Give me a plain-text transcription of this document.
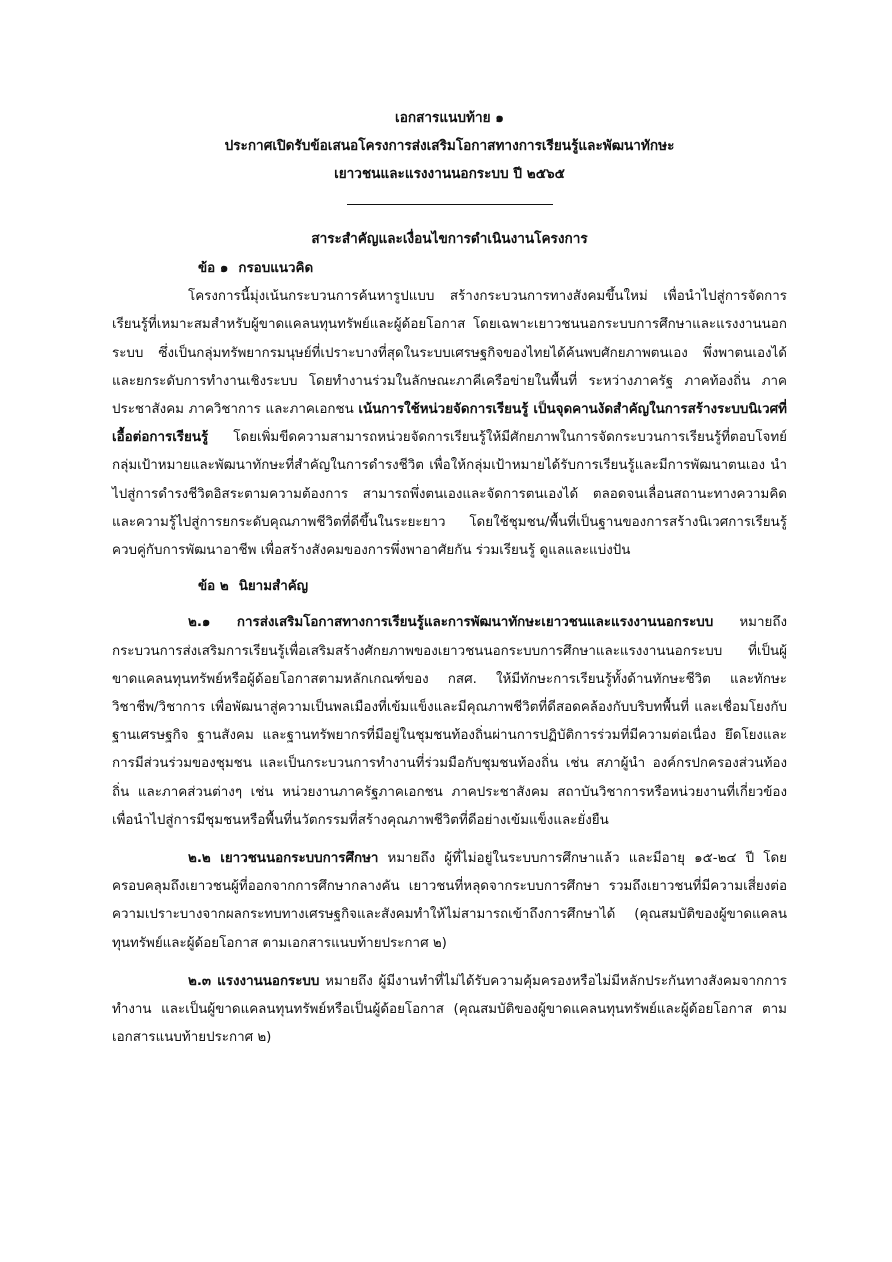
เอกสารแนบท้าย ๑
ประกาศเปิดรับข้อเสนอโครงการส่งเสริมโอกาสทางการเรียนรู้และพัฒนาทักษะ
เยาวชนและแรงงานนอกระบบ ปี ๒๕๖๕
สาระสำคัญและเงื่อนไขการดำเนินงานโครงการ
ข้อ ๑ กรอบแนวคิด

โครงการนี้มุ่งเน้นกระบวนการค้นหารูปแบบ สร้างกระบวนการทางสังคมขึ้นใหม่ เพื่อนำไปสู่การจัดการเรียนรู้ที่เหมาะสมสำหรับผู้ขาดแคลนทุนทรัพย์และผู้ด้อยโอกาส โดยเฉพาะเยาวชนนอกระบบการศึกษาและแรงงานนอกระบบ ซึ่งเป็นกลุ่มทรัพยากรมนุษย์ที่เปราะบางที่สุดในระบบเศรษฐกิจของไทยได้ค้นพบศักยภาพตนเอง พึ่งพาตนเองได้ และยกระดับการทำงานเชิงระบบ โดยทำงานร่วมในลักษณะภาคีเครือข่ายในพื้นที่ ระหว่างภาครัฐ ภาคท้องถิ่น ภาคประชาสังคม ภาควิชาการ และภาคเอกชน เน้นการใช้หน่วยจัดการเรียนรู้ เป็นจุดคานงัดสำคัญในการสร้างระบบนิเวศที่เอื้อต่อการเรียนรู้ โดยเพิ่มขีดความสามารถหน่วยจัดการเรียนรู้ให้มีศักยภาพในการจัดกระบวนการเรียนรู้ที่ตอบโจทย์กลุ่มเป้าหมายและพัฒนาทักษะที่สำคัญในการดำรงชีวิต เพื่อให้กลุ่มเป้าหมายได้รับการเรียนรู้และมีการพัฒนาตนเอง นำไปสู่การดำรงชีวิตอิสระตามความต้องการ สามารถพึ่งตนเองและจัดการตนเองได้ ตลอดจนเลื่อนสถานะทางความคิดและความรู้ไปสู่การยกระดับคุณภาพชีวิตที่ดีขึ้นในระยะยาว โดยใช้ชุมชน/พื้นที่เป็นฐานของการสร้างนิเวศการเรียนรู้ควบคู่กับการพัฒนาอาชีพ เพื่อสร้างสังคมของการพึ่งพาอาศัยกัน ร่วมเรียนรู้ ดูแลและแบ่งปัน

ข้อ ๒ นิยามสำคัญ

๒.๑ การส่งเสริมโอกาสทางการเรียนรู้และการพัฒนาทักษะเยาวชนและแรงงานนอกระบบ หมายถึง กระบวนการส่งเสริมการเรียนรู้เพื่อเสริมสร้างศักยภาพของเยาวชนนอกระบบการศึกษาและแรงงานนอกระบบ ที่เป็นผู้ขาดแคลนทุนทรัพย์หรือผู้ด้อยโอกาสตามหลักเกณฑ์ของ กสศ. ให้มีทักษะการเรียนรู้ทั้งด้านทักษะชีวิต และทักษะวิชาชีพ/วิชาการ เพื่อพัฒนาสู่ความเป็นพลเมืองที่เข้มแข็งและมีคุณภาพชีวิตที่ดีสอดคล้องกับบริบทพื้นที่ และเชื่อมโยงกับฐานเศรษฐกิจ ฐานสังคม และฐานทรัพยากรที่มีอยู่ในชุมชนท้องถิ่นผ่านการปฏิบัติการร่วมที่มีความต่อเนื่อง ยึดโยงและการมีส่วนร่วมของชุมชน และเป็นกระบวนการทำงานที่ร่วมมือกับชุมชนท้องถิ่น เช่น สภาผู้นำ องค์กรปกครองส่วนท้องถิ่น และภาคส่วนต่างๆ เช่น หน่วยงานภาครัฐภาคเอกชน ภาคประชาสังคม สถาบันวิชาการหรือหน่วยงานที่เกี่ยวข้อง เพื่อนำไปสู่การมีชุมชนหรือพื้นที่นวัตกรรมที่สร้างคุณภาพชีวิตที่ดีอย่างเข้มแข็งและยั่งยืน

๒.๒ เยาวชนนอกระบบการศึกษา หมายถึง ผู้ที่ไม่อยู่ในระบบการศึกษาแล้ว และมีอายุ ๑๕-๒๔ ปี โดยครอบคลุมถึงเยาวชนผู้ที่ออกจากการศึกษากลางคัน เยาวชนที่หลุดจากระบบการศึกษา รวมถึงเยาวชนที่มีความเสี่ยงต่อความเปราะบางจากผลกระทบทางเศรษฐกิจและสังคมทำให้ไม่สามารถเข้าถึงการศึกษาได้ (คุณสมบัติของผู้ขาดแคลนทุนทรัพย์และผู้ด้อยโอกาส ตามเอกสารแนบท้ายประกาศ ๒)

๒.๓ แรงงานนอกระบบ หมายถึง ผู้มีงานทำที่ไม่ได้รับความคุ้มครองหรือไม่มีหลักประกันทางสังคมจากการทำงาน และเป็นผู้ขาดแคลนทุนทรัพย์หรือเป็นผู้ด้อยโอกาส (คุณสมบัติของผู้ขาดแคลนทุนทรัพย์และผู้ด้อยโอกาส ตามเอกสารแนบท้ายประกาศ ๒)
